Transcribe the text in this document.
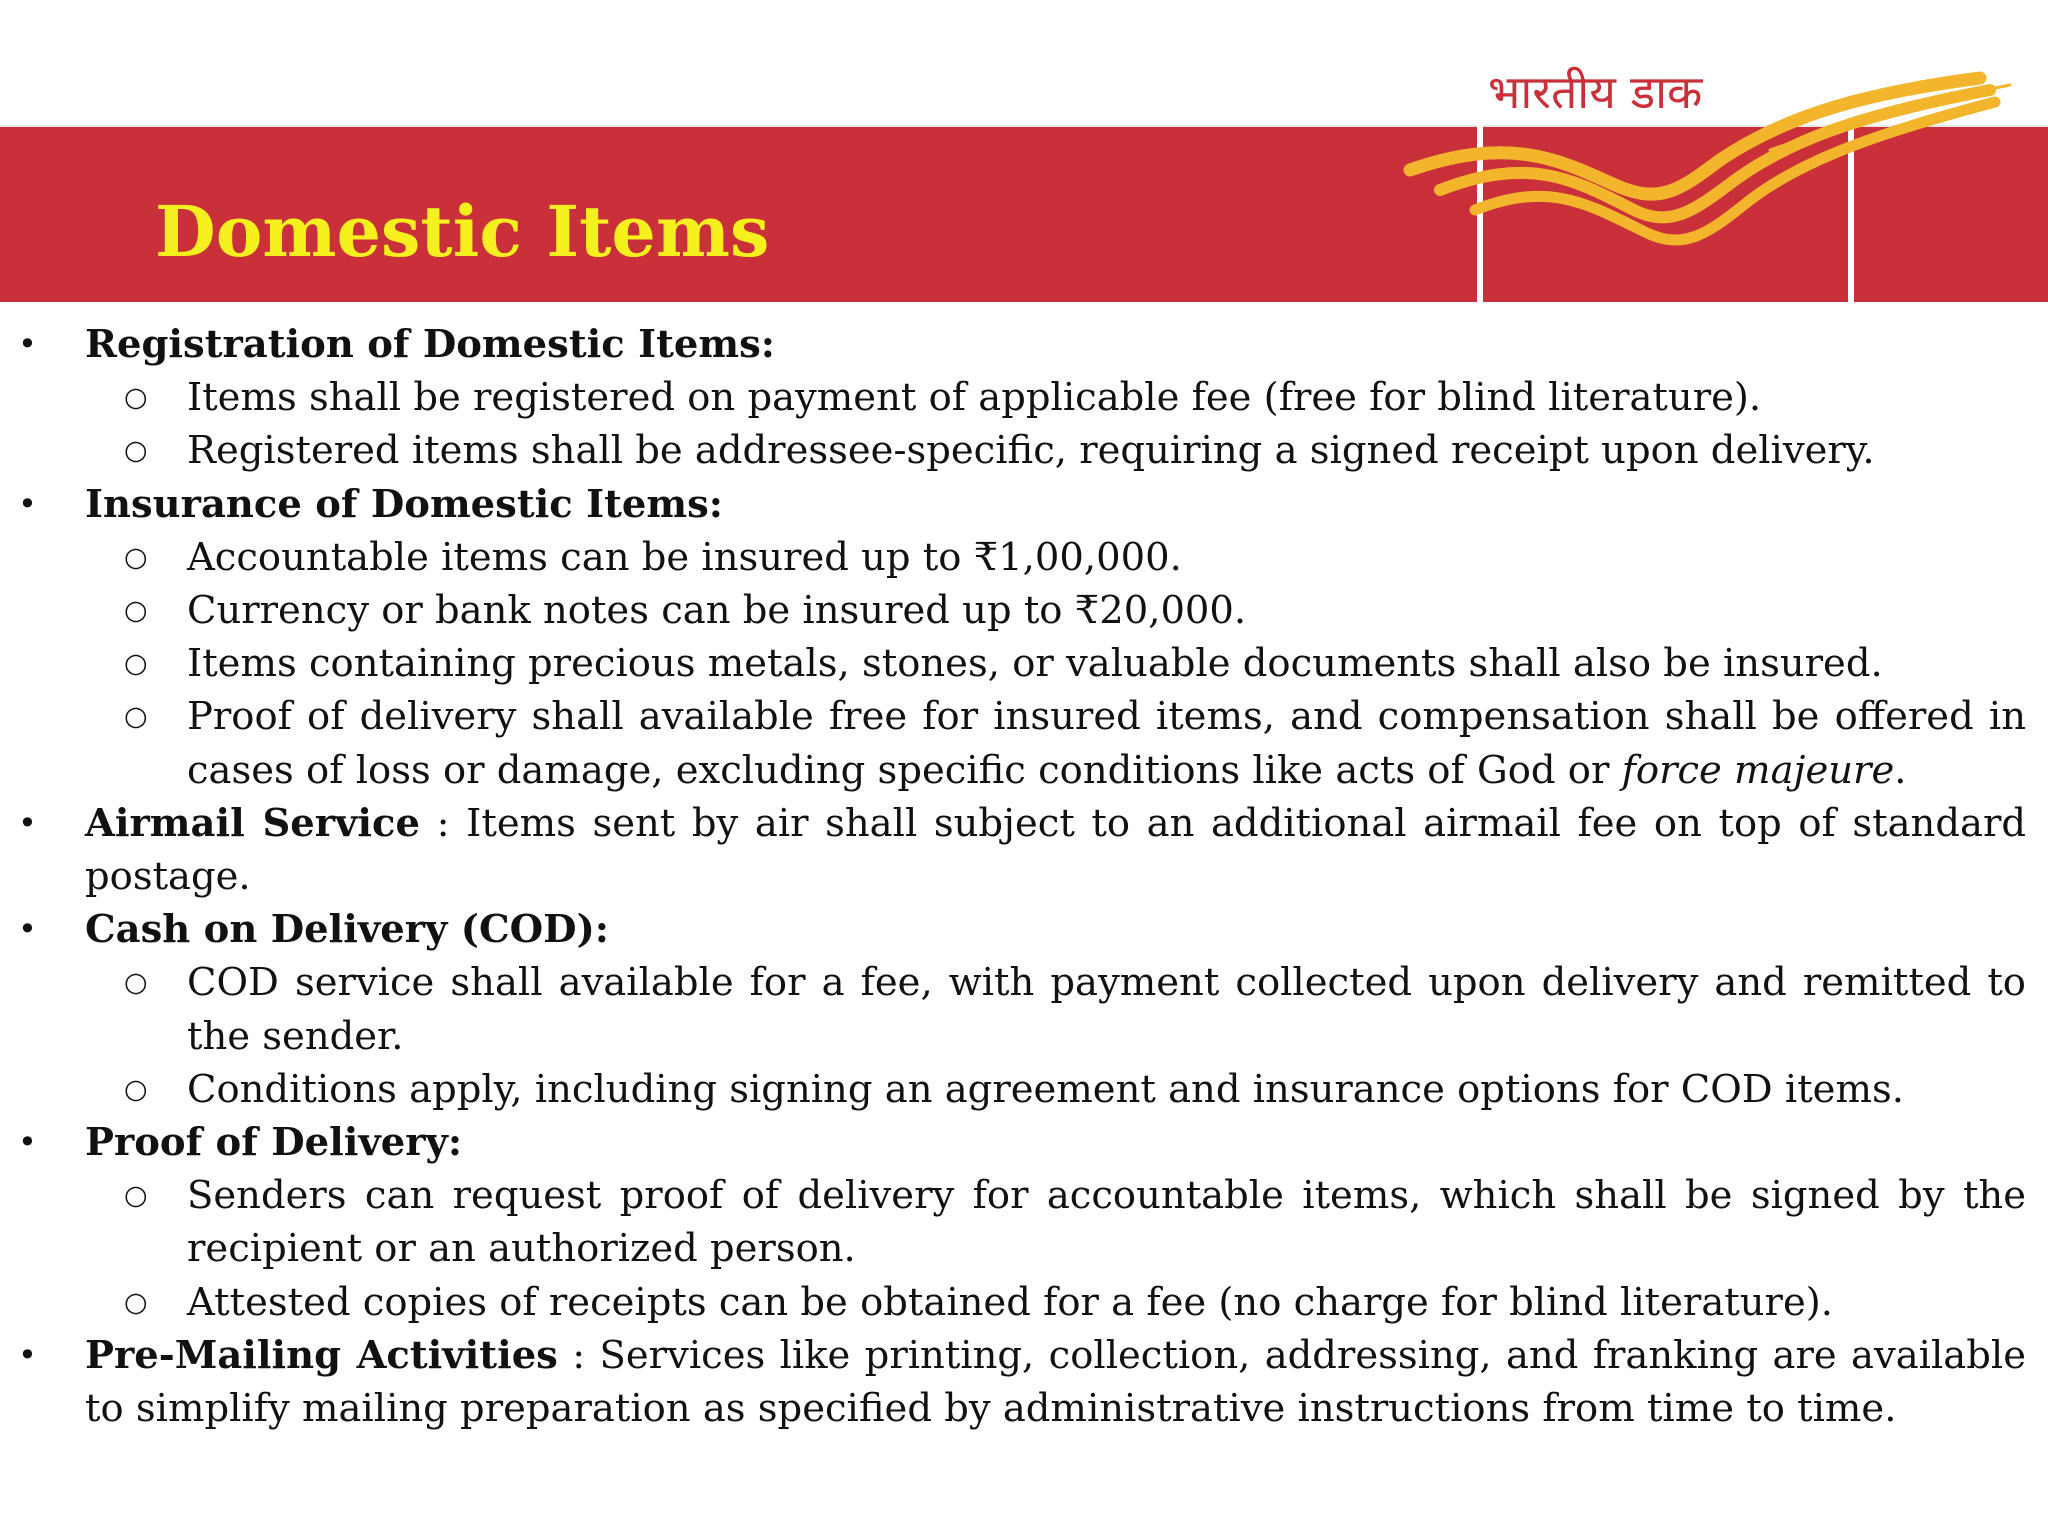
Domestic Items
भारतीय डाक
• Registration of Domestic Items:
○ Items shall be registered on payment of applicable fee (free for blind literature).
○ Registered items shall be addressee-specific, requiring a signed receipt upon delivery.
• Insurance of Domestic Items:
○ Accountable items can be insured up to ₹1,00,000.
○ Currency or bank notes can be insured up to ₹20,000.
○ Items containing precious metals, stones, or valuable documents shall also be insured.
○ Proof of delivery shall available free for insured items, and compensation shall be offered in cases of loss or damage, excluding specific conditions like acts of God or force majeure.
• Airmail Service : Items sent by air shall subject to an additional airmail fee on top of standard postage.
• Cash on Delivery (COD):
○ COD service shall available for a fee, with payment collected upon delivery and remitted to the sender.
○ Conditions apply, including signing an agreement and insurance options for COD items.
• Proof of Delivery:
○ Senders can request proof of delivery for accountable items, which shall be signed by the recipient or an authorized person.
○ Attested copies of receipts can be obtained for a fee (no charge for blind literature).
• Pre-Mailing Activities : Services like printing, collection, addressing, and franking are available to simplify mailing preparation as specified by administrative instructions from time to time.
